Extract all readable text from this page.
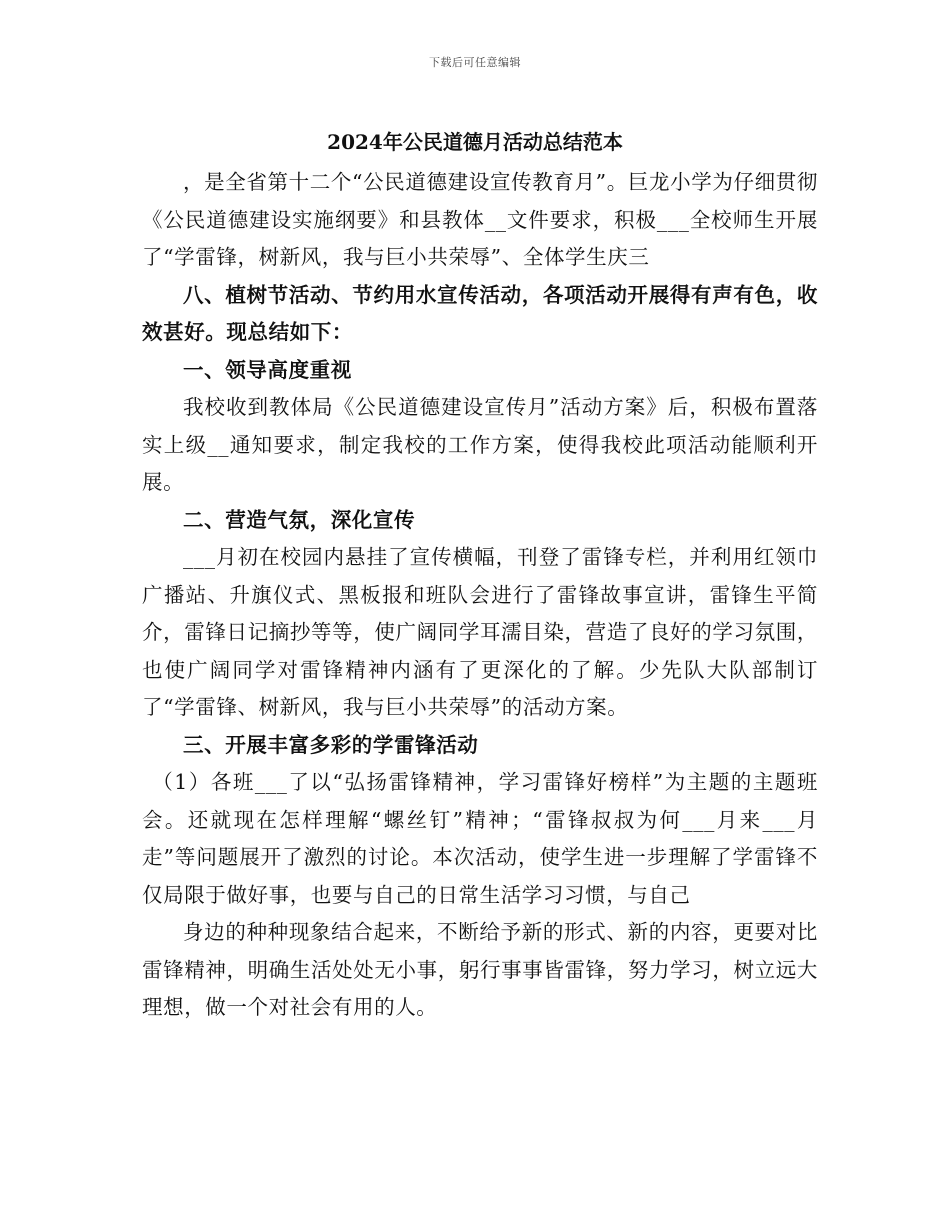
下载后可任意编辑
2024年公民道德月活动总结范本

，是全省第十二个“公民道德建设宣传教育月”。巨龙小学为仔细贯彻《公民道德建设实施纲要》和县教体__文件要求，积极___全校师生开展了“学雷锋，树新风，我与巨小共荣辱”、全体学生庆三

八、植树节活动、节约用水宣传活动，各项活动开展得有声有色，收效甚好。现总结如下：

一、领导高度重视

我校收到教体局《公民道德建设宣传月”活动方案》后，积极布置落实上级__通知要求，制定我校的工作方案，使得我校此项活动能顺利开展。

二、营造气氛，深化宣传

___月初在校园内悬挂了宣传横幅，刊登了雷锋专栏，并利用红领巾广播站、升旗仪式、黑板报和班队会进行了雷锋故事宣讲，雷锋生平简介，雷锋日记摘抄等等，使广阔同学耳濡目染，营造了良好的学习氛围，也使广阔同学对雷锋精神内涵有了更深化的了解。少先队大队部制订了“学雷锋、树新风，我与巨小共荣辱”的活动方案。

三、开展丰富多彩的学雷锋活动

（1）各班___了以“弘扬雷锋精神，学习雷锋好榜样”为主题的主题班会。还就现在怎样理解“螺丝钉”精神；“雷锋叔叔为何___月来___月走”等问题展开了激烈的讨论。本次活动，使学生进一步理解了学雷锋不仅局限于做好事，也要与自己的日常生活学习习惯，与自己

身边的种种现象结合起来，不断给予新的形式、新的内容，更要对比雷锋精神，明确生活处处无小事，躬行事事皆雷锋，努力学习，树立远大理想，做一个对社会有用的人。
